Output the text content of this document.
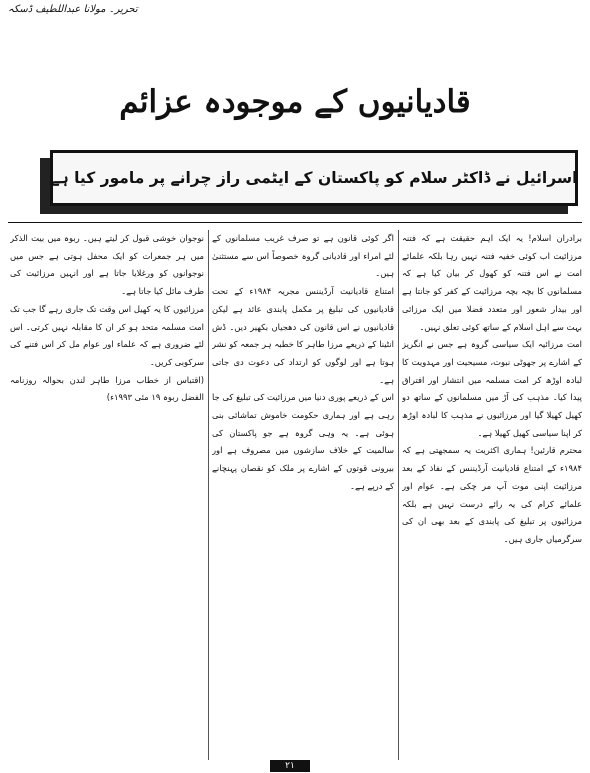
تحریر۔ مولانا عبداللطیف ڈسکہ
قادیانیوں کے موجودہ عزائم
اسرائیل نے ڈاکٹر سلام کو پاکستان کے ایٹمی راز چرانے پر مامور کیا ہے

برادران اسلام! یہ ایک اہم حقیقت ہے کہ فتنہ مرزائیت اب کوئی خفیہ فتنہ نہیں رہا بلکہ علمائے امت نے اس فتنہ کو کھول کر بیان کیا ہے کہ مسلمانوں کا بچہ بچہ مرزائیت کے کفر کو جانتا ہے اور بیدار شعور اور متعدد فضلا میں ایک مرزائی بہت سے اہل اسلام کے ساتھ کوئی تعلق نہیں۔

امت مرزائیہ ایک سیاسی گروہ ہے جس نے انگریز کے اشارے پر جھوٹی نبوت، مسیحیت اور مہدویت کا لبادہ اوڑھ کر امت مسلمہ میں انتشار اور افتراق پیدا کیا۔ مذہب کی آڑ میں مسلمانوں کے ساتھ دو کھیل کھیلا گیا اور مرزائیوں نے مذہب کا لبادہ اوڑھ کر اپنا سیاسی کھیل کھیلا ہے۔

محترم قارئین! ہماری اکثریت یہ سمجھتی ہے کہ ۱۹۸۴ء کے امتناع قادیانیت آرڈیننس کے نفاذ کے بعد مرزائیت اپنی موت آپ مر چکی ہے۔ عوام اور علمائے کرام کی یہ رائے درست نہیں ہے بلکہ مرزائیوں پر تبلیغ کی پابندی کے بعد بھی ان کی سرگرمیاں جاری ہیں۔

اگر کوئی قانون ہے تو صرف غریب مسلمانوں کے لئے امراء اور قادیانی گروہ خصوصاً اس سے مستثنیٰ ہیں۔

امتناع قادیانیت آرڈیننس مجریہ ۱۹۸۴ء کے تحت قادیانیوں کی تبلیغ پر مکمل پابندی عائد ہے لیکن قادیانیوں نے اس قانون کی دھجیاں بکھیر دیں۔ ڈش انٹینا کے ذریعے مرزا طاہر کا خطبہ ہر جمعہ کو نشر ہوتا ہے اور لوگوں کو ارتداد کی دعوت دی جاتی ہے۔

اس کے ذریعے پوری دنیا میں مرزائیت کی تبلیغ کی جا رہی ہے اور ہماری حکومت خاموش تماشائی بنی ہوئی ہے۔ یہ وہی گروہ ہے جو پاکستان کی سالمیت کے خلاف سازشوں میں مصروف ہے اور بیرونی قوتوں کے اشارے پر ملک کو نقصان پہنچانے کے درپے ہے۔

نوجوان خوشی قبول کر لیتے ہیں۔ ربوہ میں بیت الذکر میں ہر جمعرات کو ایک محفل ہوتی ہے جس میں نوجوانوں کو ورغلایا جاتا ہے اور انہیں مرزائیت کی طرف مائل کیا جاتا ہے۔

مرزائیوں کا یہ کھیل اس وقت تک جاری رہے گا جب تک امت مسلمہ متحد ہو کر ان کا مقابلہ نہیں کرتی۔ اس لئے ضروری ہے کہ علماء اور عوام مل کر اس فتنے کی سرکوبی کریں۔

(اقتباس از خطاب مرزا طاہر لندن بحوالہ روزنامہ الفضل ربوہ ۱۹ مئی ۱۹۹۳ء)

۲۱
